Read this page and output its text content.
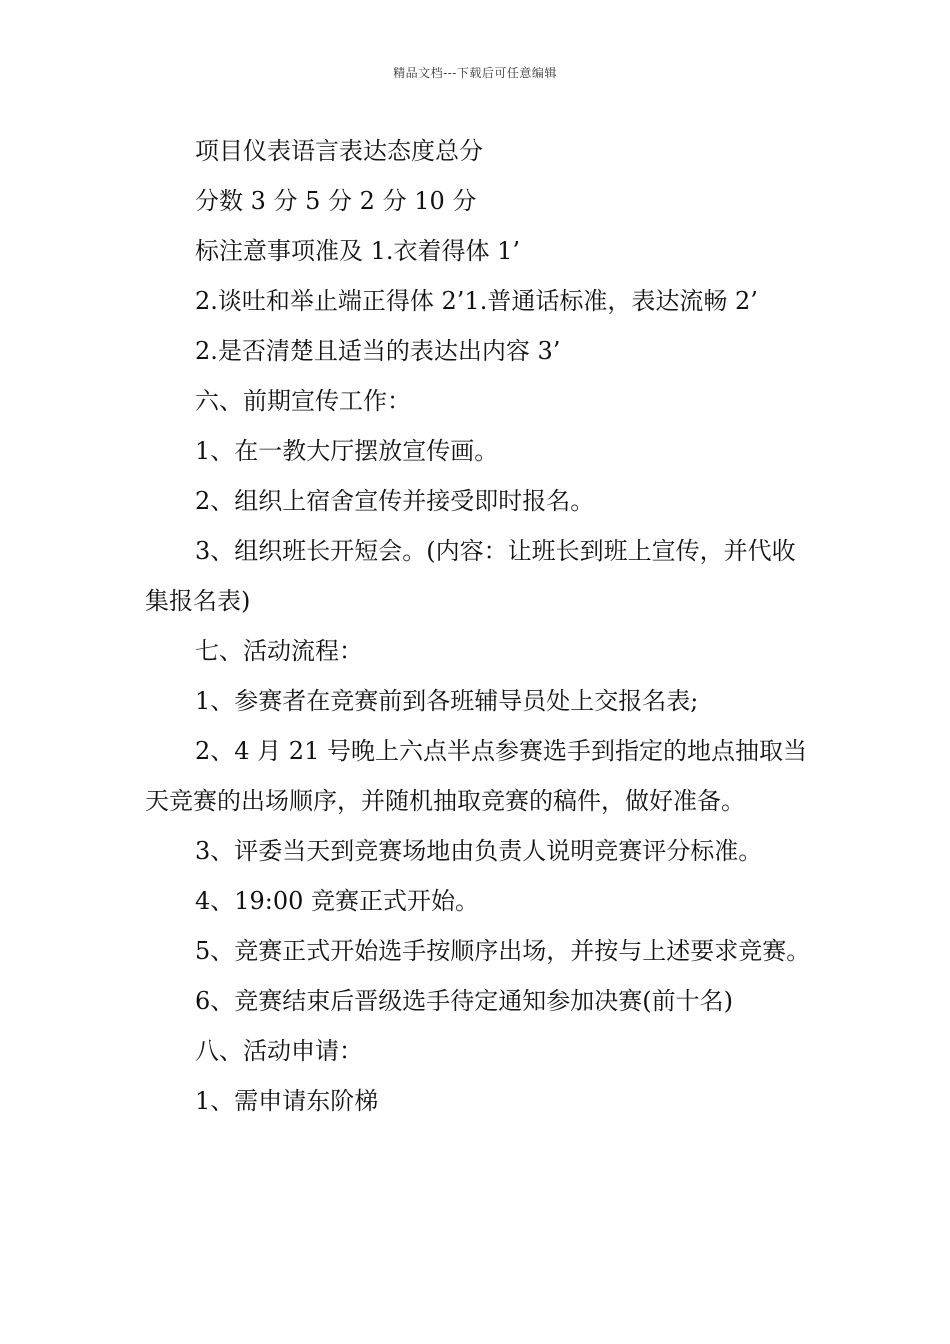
精品文档---下载后可任意编辑

项目仪表语言表达态度总分

分数 3 分 5 分 2 分 10 分

标注意事项准及 1.衣着得体 1’

2.谈吐和举止端正得体 2’1.普通话标准，表达流畅 2’

2.是否清楚且适当的表达出内容 3’

六、前期宣传工作：

1、在一教大厅摆放宣传画。

2、组织上宿舍宣传并接受即时报名。

3、组织班长开短会。(内容：让班长到班上宣传，并代收集报名表)

七、活动流程：

1、参赛者在竞赛前到各班辅导员处上交报名表;

2、4 月 21 号晚上六点半点参赛选手到指定的地点抽取当天竞赛的出场顺序，并随机抽取竞赛的稿件，做好准备。

3、评委当天到竞赛场地由负责人说明竞赛评分标准。

4、19:00 竞赛正式开始。

5、竞赛正式开始选手按顺序出场，并按与上述要求竞赛。

6、竞赛结束后晋级选手待定通知参加决赛(前十名)

八、活动申请：

1、需申请东阶梯
